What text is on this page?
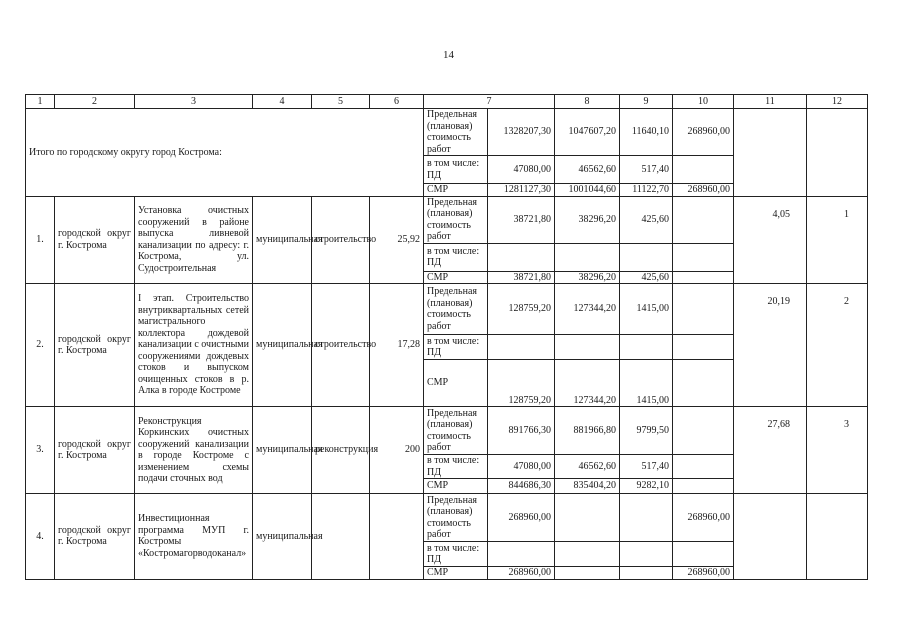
14
1	2	3	4	5	6	7		8	9	10	11	12
Итого по городскому округу город Кострома:						Предельная (плановая) стоимость работ	1328207,30	1047607,20	11640,10	268960,00		
						в том числе: ПД	47080,00	46562,60	517,40			
						СМР	1281127,30	1001044,60	11122,70	268960,00		
1.	городской округ г. Кострома	Установка очистных сооружений в районе выпуска ливневой канализации по адресу: г. Кострома, ул. Судостроительная	муниципальная	строительство	25,92	Предельная (плановая) стоимость работ	38721,80	38296,20	425,60		4,05	1
						в том числе: ПД						
						СМР	38721,80	38296,20	425,60			
2.	городской округ г. Кострома	I этап. Строительство внутриквартальных сетей магистрального коллектора дождевой канализации с очистными сооружениями дождевых стоков и выпуском очищенных стоков в р. Алка в городе Костроме	муниципальная	строительство	17,28	Предельная (плановая) стоимость работ	128759,20	127344,20	1415,00		20,19	2
						в том числе: ПД						
						СМР	128759,20	127344,20	1415,00			
3.	городской округ г. Кострома	Реконструкция Коркинских очистных сооружений канализации в городе Костроме с изменением схемы подачи сточных вод	муниципальная	реконструкция	200	Предельная (плановая) стоимость работ	891766,30	881966,80	9799,50		27,68	3
						в том числе: ПД	47080,00	46562,60	517,40			
						СМР	844686,30	835404,20	9282,10			
4.	городской округ г. Кострома	Инвестиционная программа МУП г. Костромы «Костромагорводоканал»	муниципальная			Предельная (плановая) стоимость работ	268960,00			268960,00		
						в том числе: ПД						
						СМР	268960,00			268960,00		
